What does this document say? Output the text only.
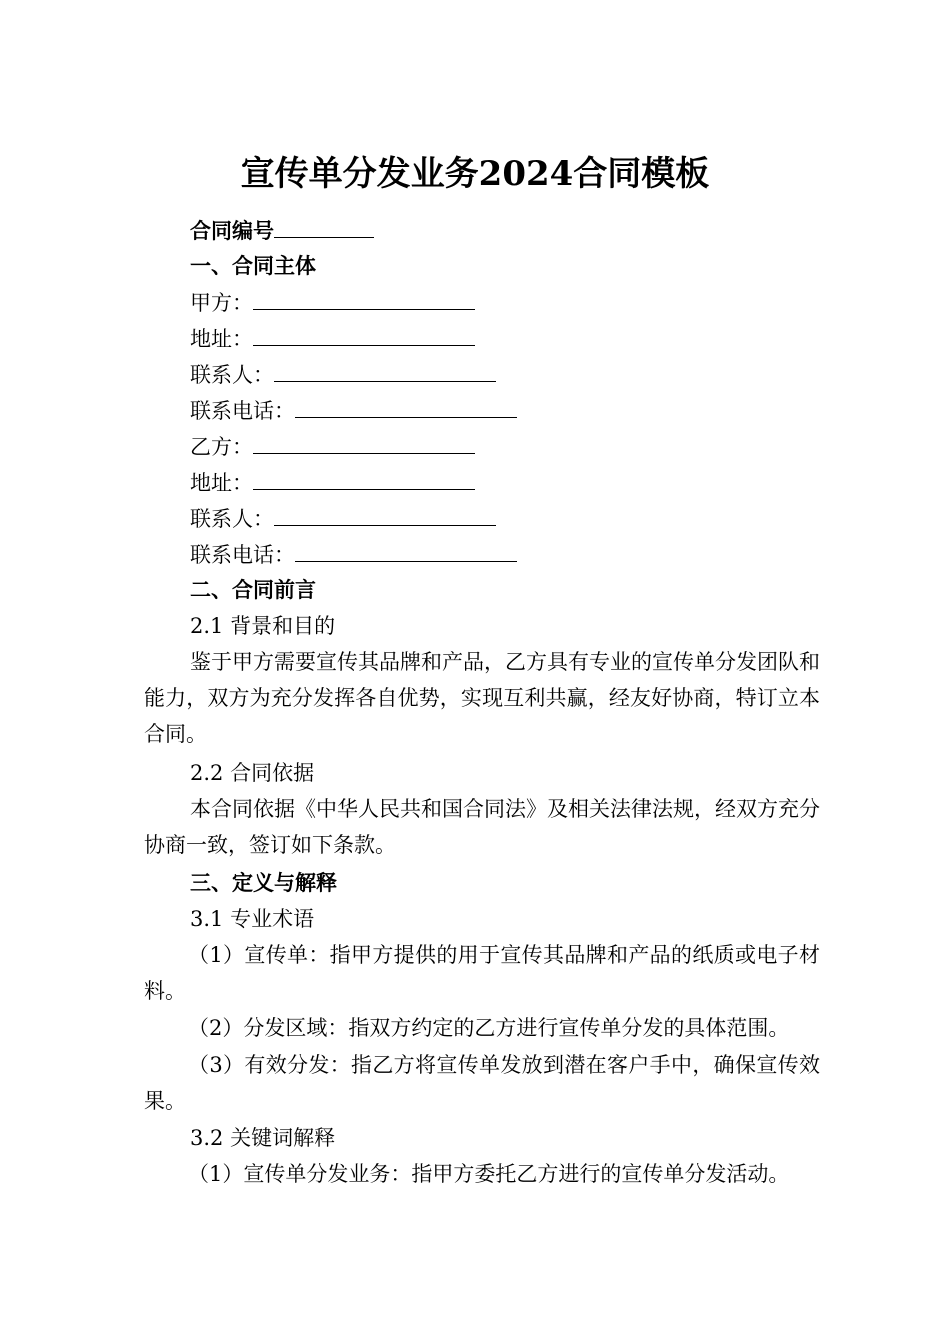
宣传单分发业务2024合同模板
合同编号
一、合同主体
甲方：
地址：
联系人：
联系电话：
乙方：
地址：
联系人：
联系电话：
二、合同前言
2.1 背景和目的
鉴于甲方需要宣传其品牌和产品，乙方具有专业的宣传单分发团队和能力，双方为充分发挥各自优势，实现互利共赢，经友好协商，特订立本合同。
2.2 合同依据
本合同依据《中华人民共和国合同法》及相关法律法规，经双方充分协商一致，签订如下条款。
三、定义与解释
3.1 专业术语
（1）宣传单：指甲方提供的用于宣传其品牌和产品的纸质或电子材料。
（2）分发区域：指双方约定的乙方进行宣传单分发的具体范围。
（3）有效分发：指乙方将宣传单发放到潜在客户手中，确保宣传效果。
3.2 关键词解释
（1）宣传单分发业务：指甲方委托乙方进行的宣传单分发活动。
